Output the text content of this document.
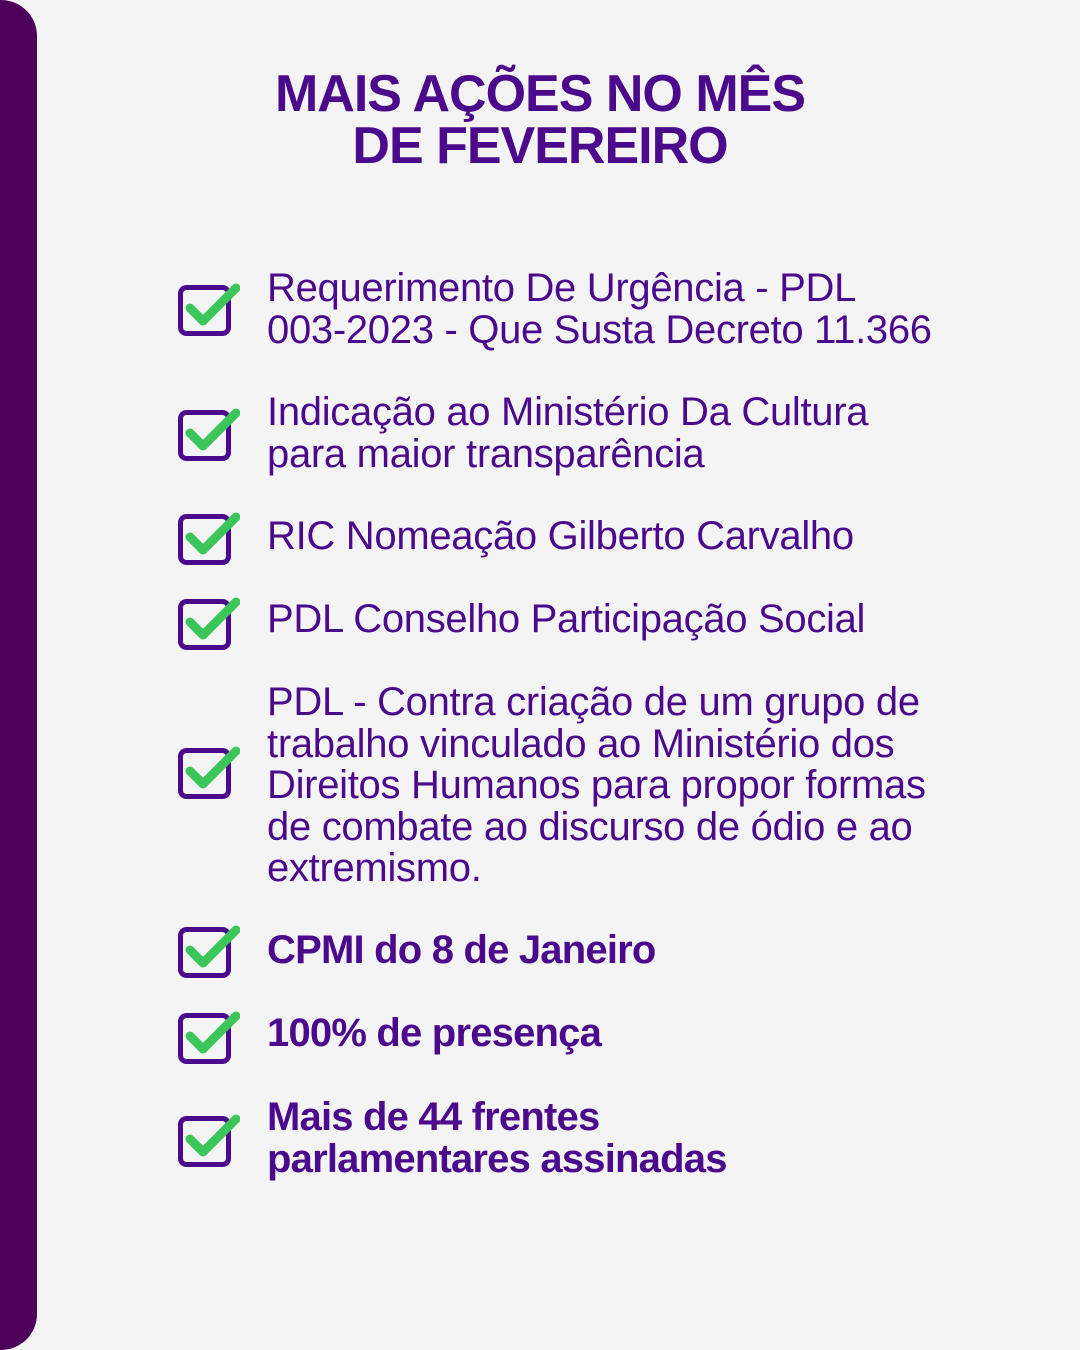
MAIS AÇÕES NO MÊS
DE FEVEREIRO
Requerimento De Urgência - PDL
003-2023 - Que Susta Decreto 11.366
Indicação ao Ministério Da Cultura
para maior transparência
RIC Nomeação Gilberto Carvalho
PDL Conselho Participação Social
PDL - Contra criação de um grupo de
trabalho vinculado ao Ministério dos
Direitos Humanos para propor formas
de combate ao discurso de ódio e ao
extremismo.
CPMI do 8 de Janeiro
100% de presença
Mais de 44 frentes
parlamentares assinadas
